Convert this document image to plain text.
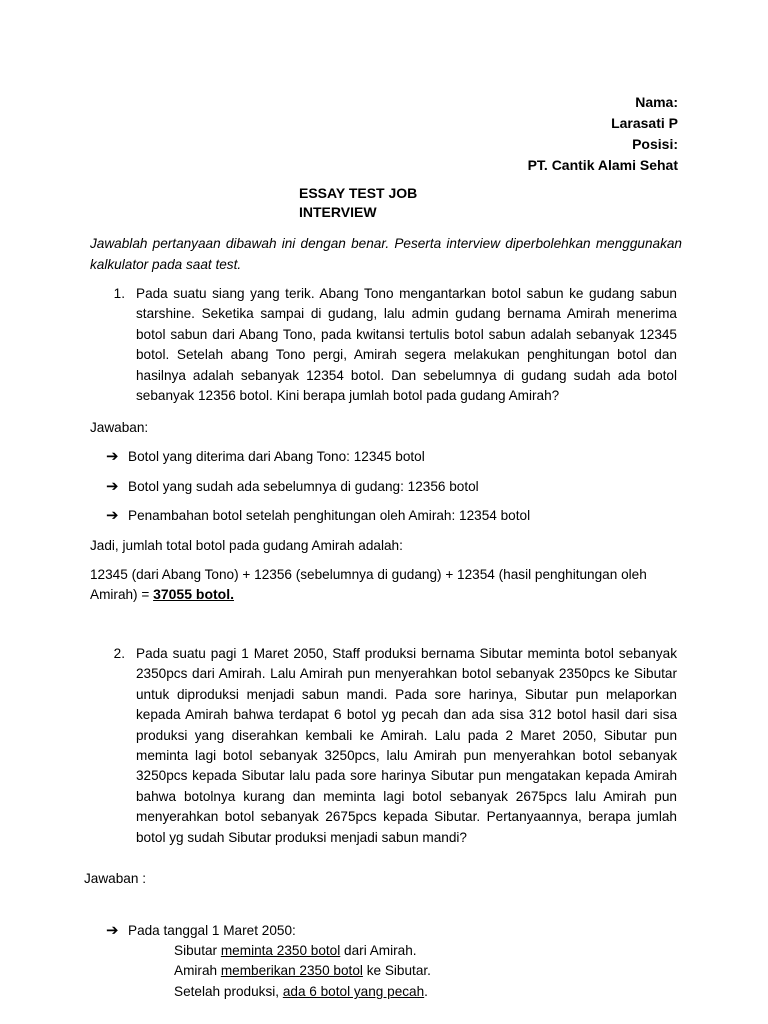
Nama:
Larasati P
Posisi:
PT. Cantik Alami Sehat
ESSAY TEST JOB
INTERVIEW
Jawablah pertanyaan dibawah ini dengan benar. Peserta interview diperbolehkan menggunakan kalkulator pada saat test.
1. Pada suatu siang yang terik. Abang Tono mengantarkan botol sabun ke gudang sabun
starshine. Seketika sampai di gudang, lalu admin gudang bernama Amirah menerima
botol sabun dari Abang Tono, pada kwitansi tertulis botol sabun adalah sebanyak 12345
botol. Setelah abang Tono pergi, Amirah segera melakukan penghitungan botol dan
hasilnya adalah sebanyak 12354 botol. Dan sebelumnya di gudang sudah ada botol
sebanyak 12356 botol. Kini berapa jumlah botol pada gudang Amirah?
Jawaban:
➔ Botol yang diterima dari Abang Tono: 12345 botol
➔ Botol yang sudah ada sebelumnya di gudang: 12356 botol
➔ Penambahan botol setelah penghitungan oleh Amirah: 12354 botol
Jadi, jumlah total botol pada gudang Amirah adalah:
12345 (dari Abang Tono) + 12356 (sebelumnya di gudang) + 12354 (hasil penghitungan oleh
Amirah) = 37055 botol.
2. Pada suatu pagi 1 Maret 2050, Staff produksi bernama Sibutar meminta botol sebanyak
2350pcs dari Amirah. Lalu Amirah pun menyerahkan botol sebanyak 2350pcs ke Sibutar
untuk diproduksi menjadi sabun mandi. Pada sore harinya, Sibutar pun melaporkan
kepada Amirah bahwa terdapat 6 botol yg pecah dan ada sisa 312 botol hasil dari sisa
produksi yang diserahkan kembali ke Amirah. Lalu pada 2 Maret 2050, Sibutar pun
meminta lagi botol sebanyak 3250pcs, lalu Amirah pun menyerahkan botol sebanyak
3250pcs kepada Sibutar lalu pada sore harinya Sibutar pun mengatakan kepada Amirah
bahwa botolnya kurang dan meminta lagi botol sebanyak 2675pcs lalu Amirah pun
menyerahkan botol sebanyak 2675pcs kepada Sibutar. Pertanyaannya, berapa jumlah
botol yg sudah Sibutar produksi menjadi sabun mandi?
Jawaban :
➔ Pada tanggal 1 Maret 2050:
Sibutar meminta 2350 botol dari Amirah.
Amirah memberikan 2350 botol ke Sibutar.
Setelah produksi, ada 6 botol yang pecah.
